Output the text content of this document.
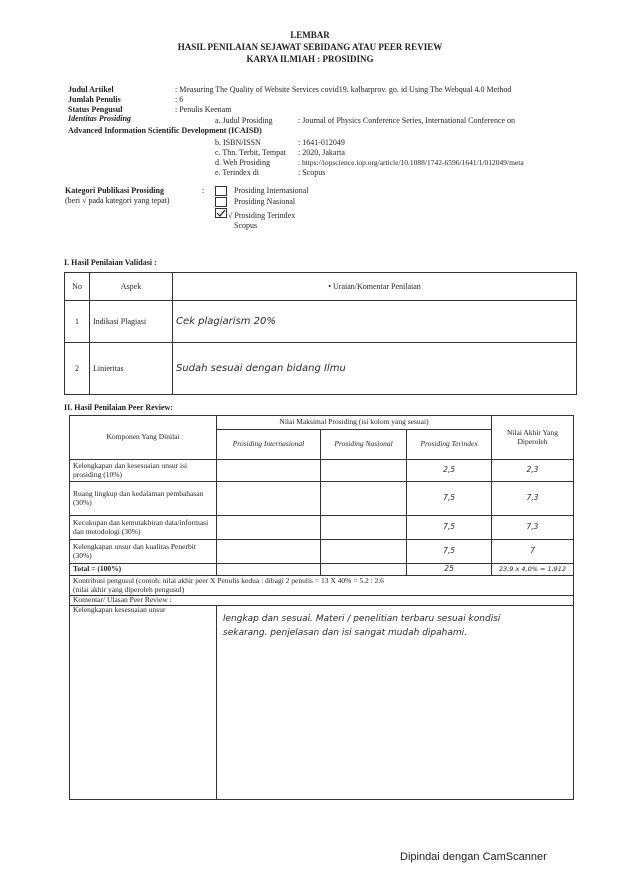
LEMBAR
HASIL PENILAIAN SEJAWAT SEBIDANG ATAU PEER REVIEW
KARYA ILMIAH : PROSIDING
Judul Artikel	: Measuring The Quality of Website Services covid19. kalbarprov. go. id Using The Webqual 4.0 Method
Jumlah Penulis	: 6
Status Pengusul	: Penulis Keenam
Identitas Prosiding	a. Judul Prosiding	: Journal of Physics Conference Series, International Conference on
Advanced Information Scientific Development (ICAISD)
b. ISBN/ISSN	: 1641-012049
c. Thn. Terbit, Tempat : 2020, Jakarta
d. Web Prosiding	: https://iopscience.iop.org/article/10.1088/1742-6596/1641/1/012049/meta
e. Terindex di	: Scopus
Kategori Publikasi Prosiding
(beri √ pada kategori yang tepat)
:	Prosiding Internasional
Prosiding Nasional
√ Prosiding Terindex
Scopus
I. Hasil Penilaian Validasi :
No	Aspek	• Uraian/Komentar Penilaian
1	Indikasi Plagiasi	Cek plagiarism 20%
2	Linieritas	Sudah sesuai dengan bidang Ilmu
II. Hasil Penilaian Peer Review:
Komponen Yang Dinilai	Nilai Maksimal Prosiding (isi kolom yang sesuai)			Nilai Akhir Yang Diperoleh
	Prosiding Internasional	Prosiding Nasional	Prosiding Terindex	
Kelengkapan dan kesesuaian unsur isi prosiding (10%)			2,5	2,3
Ruang lingkup dan kedalaman pembahasan (30%)			7,5	7,3
Kecukupan dan kemutakhiran data/informasi dan metodologi (30%)			7,5	7,3
Kelengkapan unsur dan kualitas Penerbit (30%)			7,5	7
Total = (100%)			25	23,9 x 4,0% = 1,912

Kontribusi pengusul (contoh: nilai akhir peer X Penulis kedua : dibagi 2 penulis = 13 X 40% = 5.2 : 2.6
(nilai akhir yang diperoleh pengusul)				

Komentar/ Ulasan Peer Review :				
Kelengkapan kesesuaian unsur	lengkap dan sesuai. Materi / penelitian terbaru sesuai kondisi
sekarang. penjelasan dan isi sangat mudah dipahami.			
Dipindai dengan CamScanner
